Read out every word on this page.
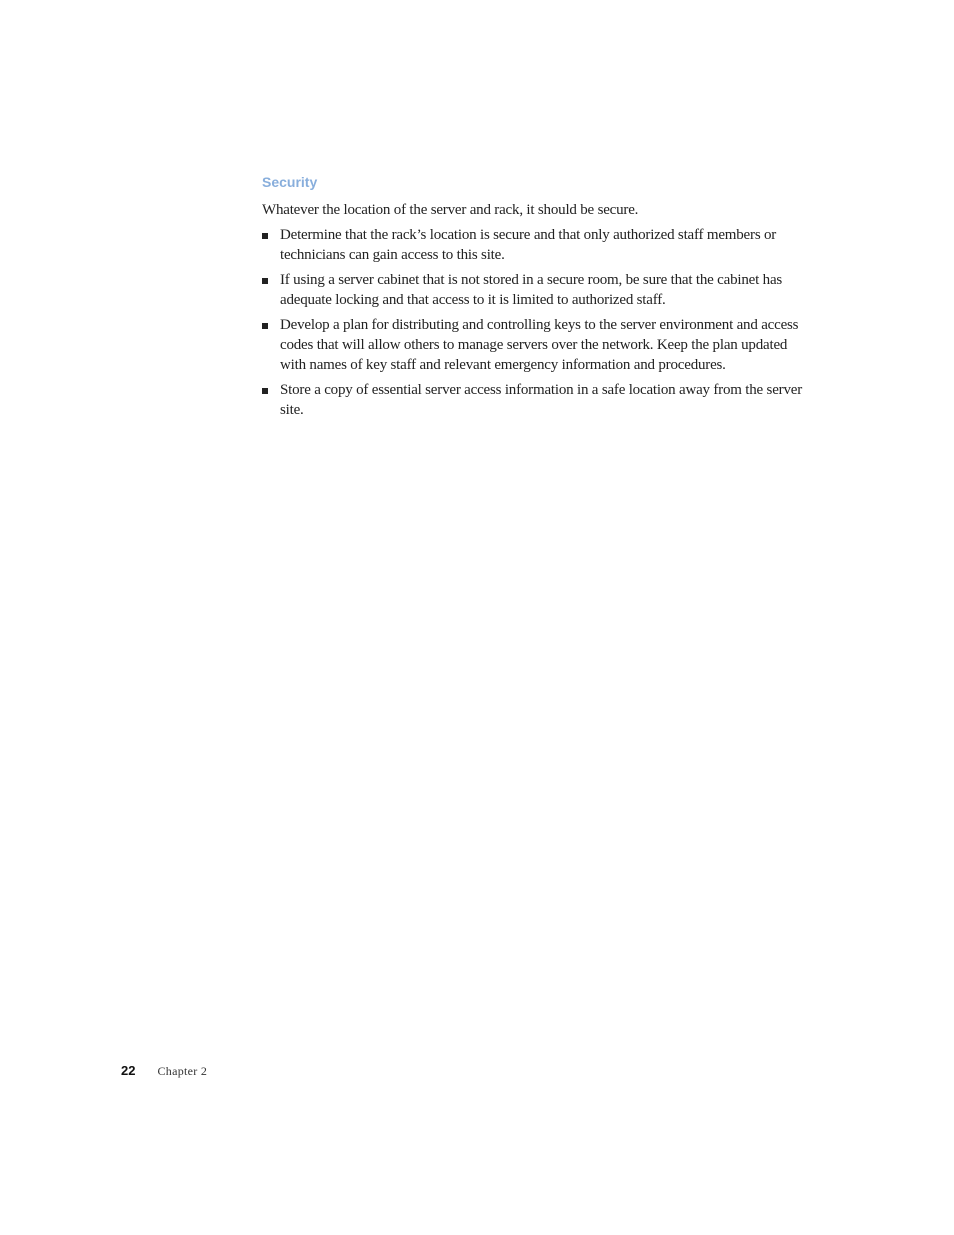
Security

Whatever the location of the server and rack, it should be secure.

Determine that the rack’s location is secure and that only authorized staff members or technicians can gain access to this site.
If using a server cabinet that is not stored in a secure room, be sure that the cabinet has adequate locking and that access to it is limited to authorized staff.
Develop a plan for distributing and controlling keys to the server environment and access codes that will allow others to manage servers over the network. Keep the plan updated with names of key staff and relevant emergency information and procedures.
Store a copy of essential server access information in a safe location away from the server site.
22 Chapter 2
